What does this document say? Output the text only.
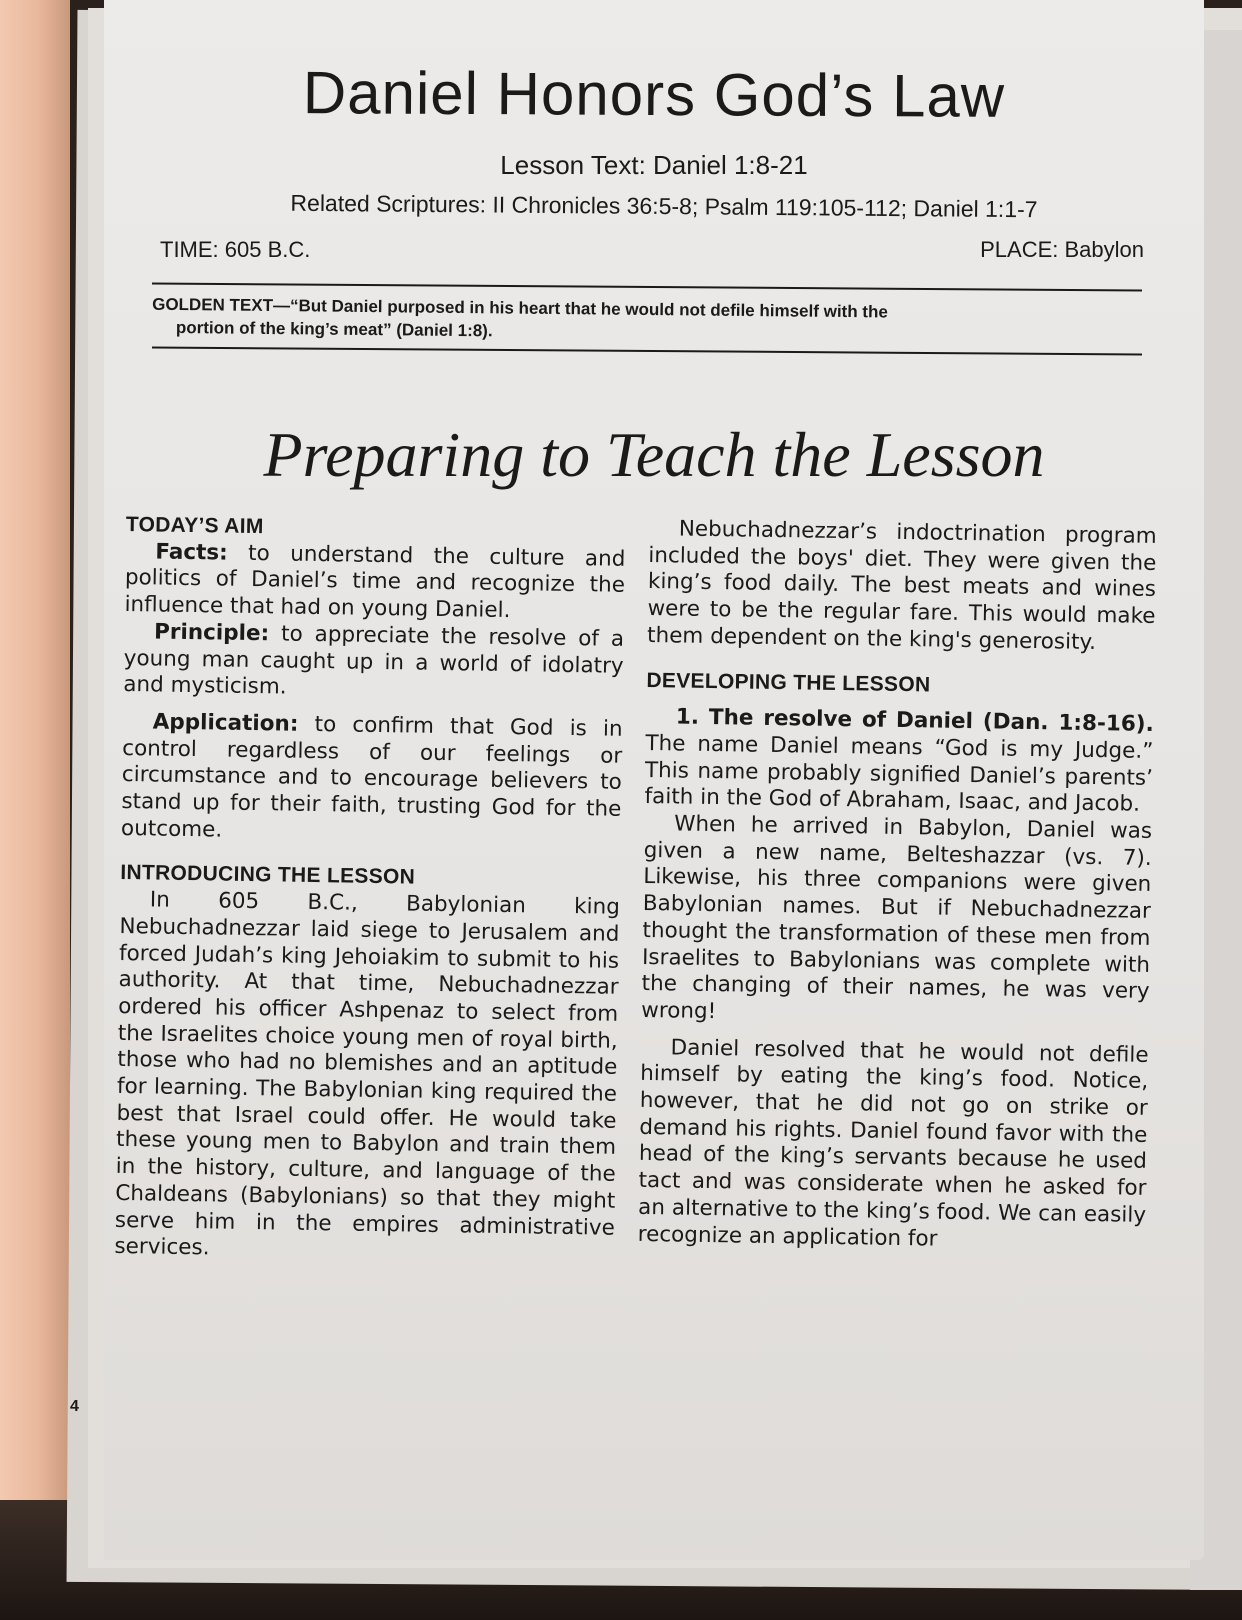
Daniel Honors God’s Law
Lesson Text: Daniel 1:8-21
Related Scriptures: II Chronicles 36:5-8; Psalm 119:105-112; Daniel 1:1-7
TIME: 605 B.C.	PLACE: Babylon
GOLDEN TEXT—“But Daniel purposed in his heart that he would not defile himself with the
portion of the king’s meat” (Daniel 1:8).
Preparing to Teach the Lesson

TODAY’S AIM

Facts: to understand the culture and politics of Daniel’s time and recognize the influence that had on young Daniel.

Principle: to appreciate the resolve of a young man caught up in a world of idolatry and mysticism.

Application: to confirm that God is in control regardless of our feelings or circumstance and to encourage believers to stand up for their faith, trusting God for the outcome.

INTRODUCING THE LESSON

In 605 B.C., Babylonian king Nebuchadnezzar laid siege to Jerusalem and forced Judah’s king Jehoiakim to submit to his authority. At that time, Nebuchadnezzar ordered his officer Ashpenaz to select from the Israelites choice young men of royal birth, those who had no blemishes and an aptitude for learning. The Babylonian king required the best that Israel could offer. He would take these young men to Babylon and train them in the history, culture, and language of the Chaldeans (Babylonians) so that they might serve him in the empires administrative services.

Nebuchadnezzar’s indoctrination program included the boys' diet. They were given the king’s food daily. The best meats and wines were to be the regular fare. This would make them dependent on the king's generosity.

DEVELOPING THE LESSON

1. The resolve of Daniel (Dan. 1:8-16). The name Daniel means “God is my Judge.” This name probably signified Daniel’s parents’ faith in the God of Abraham, Isaac, and Jacob.

When he arrived in Babylon, Daniel was given a new name, Belteshazzar (vs. 7). Likewise, his three companions were given Babylonian names. But if Nebuchadnezzar thought the transformation of these men from Israelites to Babylonians was complete with the changing of their names, he was very wrong!

Daniel resolved that he would not defile himself by eating the king’s food. Notice, however, that he did not go on strike or demand his rights. Daniel found favor with the head of the king’s servants because he used tact and was considerate when he asked for an alternative to the king’s food. We can easily recognize an application for

4
